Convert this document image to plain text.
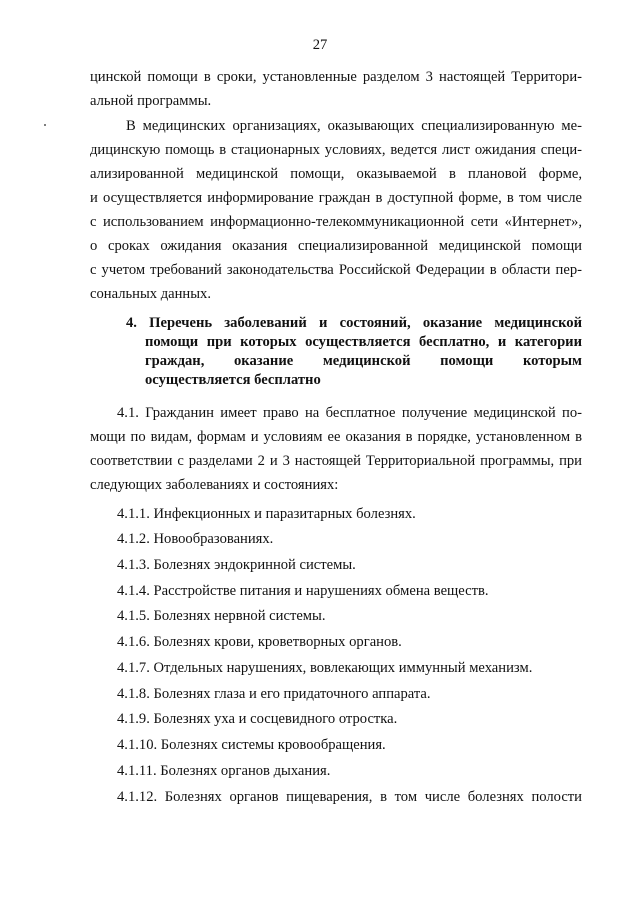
27
цинской помощи в сроки, установленные разделом 3 настоящей Территори-
альной программы.
В медицинских организациях, оказывающих специализированную ме-
дицинскую помощь в стационарных условиях, ведется лист ожидания специ-
ализированной медицинской помощи, оказываемой в плановой форме,
и осуществляется информирование граждан в доступной форме, в том числе
с использованием информационно-телекоммуникационной сети «Интернет»,
о сроках ожидания оказания специализированной медицинской помощи
с учетом требований законодательства Российской Федерации в области пер-
сональных данных.
4. Перечень заболеваний и состояний, оказание медицинской
помощи при которых осуществляется бесплатно, и категории
граждан, оказание медицинской помощи которым
осуществляется бесплатно
4.1. Гражданин имеет право на бесплатное получение медицинской по-
мощи по видам, формам и условиям ее оказания в порядке, установленном в
соответствии с разделами 2 и 3 настоящей Территориальной программы, при
следующих заболеваниях и состояниях:
4.1.1. Инфекционных и паразитарных болезнях.
4.1.2. Новообразованиях.
4.1.3. Болезнях эндокринной системы.
4.1.4. Расстройстве питания и нарушениях обмена веществ.
4.1.5. Болезнях нервной системы.
4.1.6. Болезнях крови, кроветворных органов.
4.1.7. Отдельных нарушениях, вовлекающих иммунный механизм.
4.1.8. Болезнях глаза и его придаточного аппарата.
4.1.9. Болезнях уха и сосцевидного отростка.
4.1.10. Болезнях системы кровообращения.
4.1.11. Болезнях органов дыхания.
4.1.12. Болезнях органов пищеварения, в том числе болезнях полости
